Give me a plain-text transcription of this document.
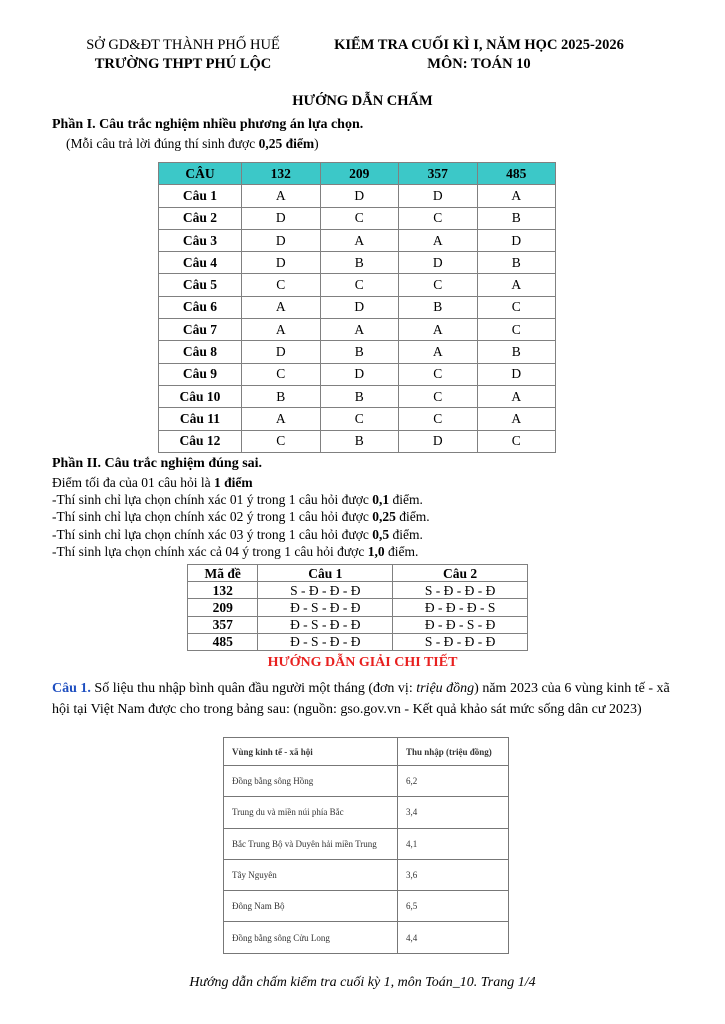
SỞ GD&ĐT THÀNH PHỐ HUẾ
TRƯỜNG THPT PHÚ LỘC
KIỂM TRA CUỐI KÌ I, NĂM HỌC 2025-2026
MÔN: TOÁN 10
HƯỚNG DẪN CHẤM
Phần I. Câu trắc nghiệm nhiều phương án lựa chọn.
(Mỗi câu trả lời đúng thí sinh được 0,25 điểm)
CÂU	132	209	357	485
Câu 1	A	D	D	A
Câu 2	D	C	C	B
Câu 3	D	A	A	D
Câu 4	D	B	D	B
Câu 5	C	C	C	A
Câu 6	A	D	B	C
Câu 7	A	A	A	C
Câu 8	D	B	A	B
Câu 9	C	D	C	D
Câu 10	B	B	C	A
Câu 11	A	C	C	A
Câu 12	C	B	D	C
Phần II. Câu trắc nghiệm đúng sai.
Điểm tối đa của 01 câu hỏi là 1 điểm
-Thí sinh chỉ lựa chọn chính xác 01 ý trong 1 câu hỏi được 0,1 điểm.
-Thí sinh chỉ lựa chọn chính xác 02 ý trong 1 câu hỏi được 0,25 điểm.
-Thí sinh chỉ lựa chọn chính xác 03 ý trong 1 câu hỏi được 0,5 điểm.
-Thí sinh lựa chọn chính xác cả 04 ý trong 1 câu hỏi được 1,0 điểm.
Mã đề	Câu 1	Câu 2
132	S - Đ - Đ - Đ	S - Đ - Đ - Đ
209	Đ - S - Đ - Đ	Đ - Đ - Đ - S
357	Đ - S - Đ - Đ	Đ - Đ - S - Đ
485	Đ - S - Đ - Đ	S - Đ - Đ - Đ
HƯỚNG DẪN GIẢI CHI TIẾT
Câu 1. Số liệu thu nhập bình quân đầu người một tháng (đơn vị: triệu đồng) năm 2023 của 6 vùng kinh tế - xã hội tại Việt Nam được cho trong bảng sau: (nguồn: gso.gov.vn - Kết quả khảo sát mức sống dân cư 2023)
Vùng kinh tế - xã hội	Thu nhập (triệu đồng)
Đồng bằng sông Hồng	6,2
Trung du và miền núi phía Bắc	3,4
Bắc Trung Bộ và Duyên hải miền Trung	4,1
Tây Nguyên	3,6
Đông Nam Bộ	6,5
Đồng bằng sông Cửu Long	4,4
Hướng dẫn chấm kiểm tra cuối kỳ 1, môn Toán_10. Trang 1/4
